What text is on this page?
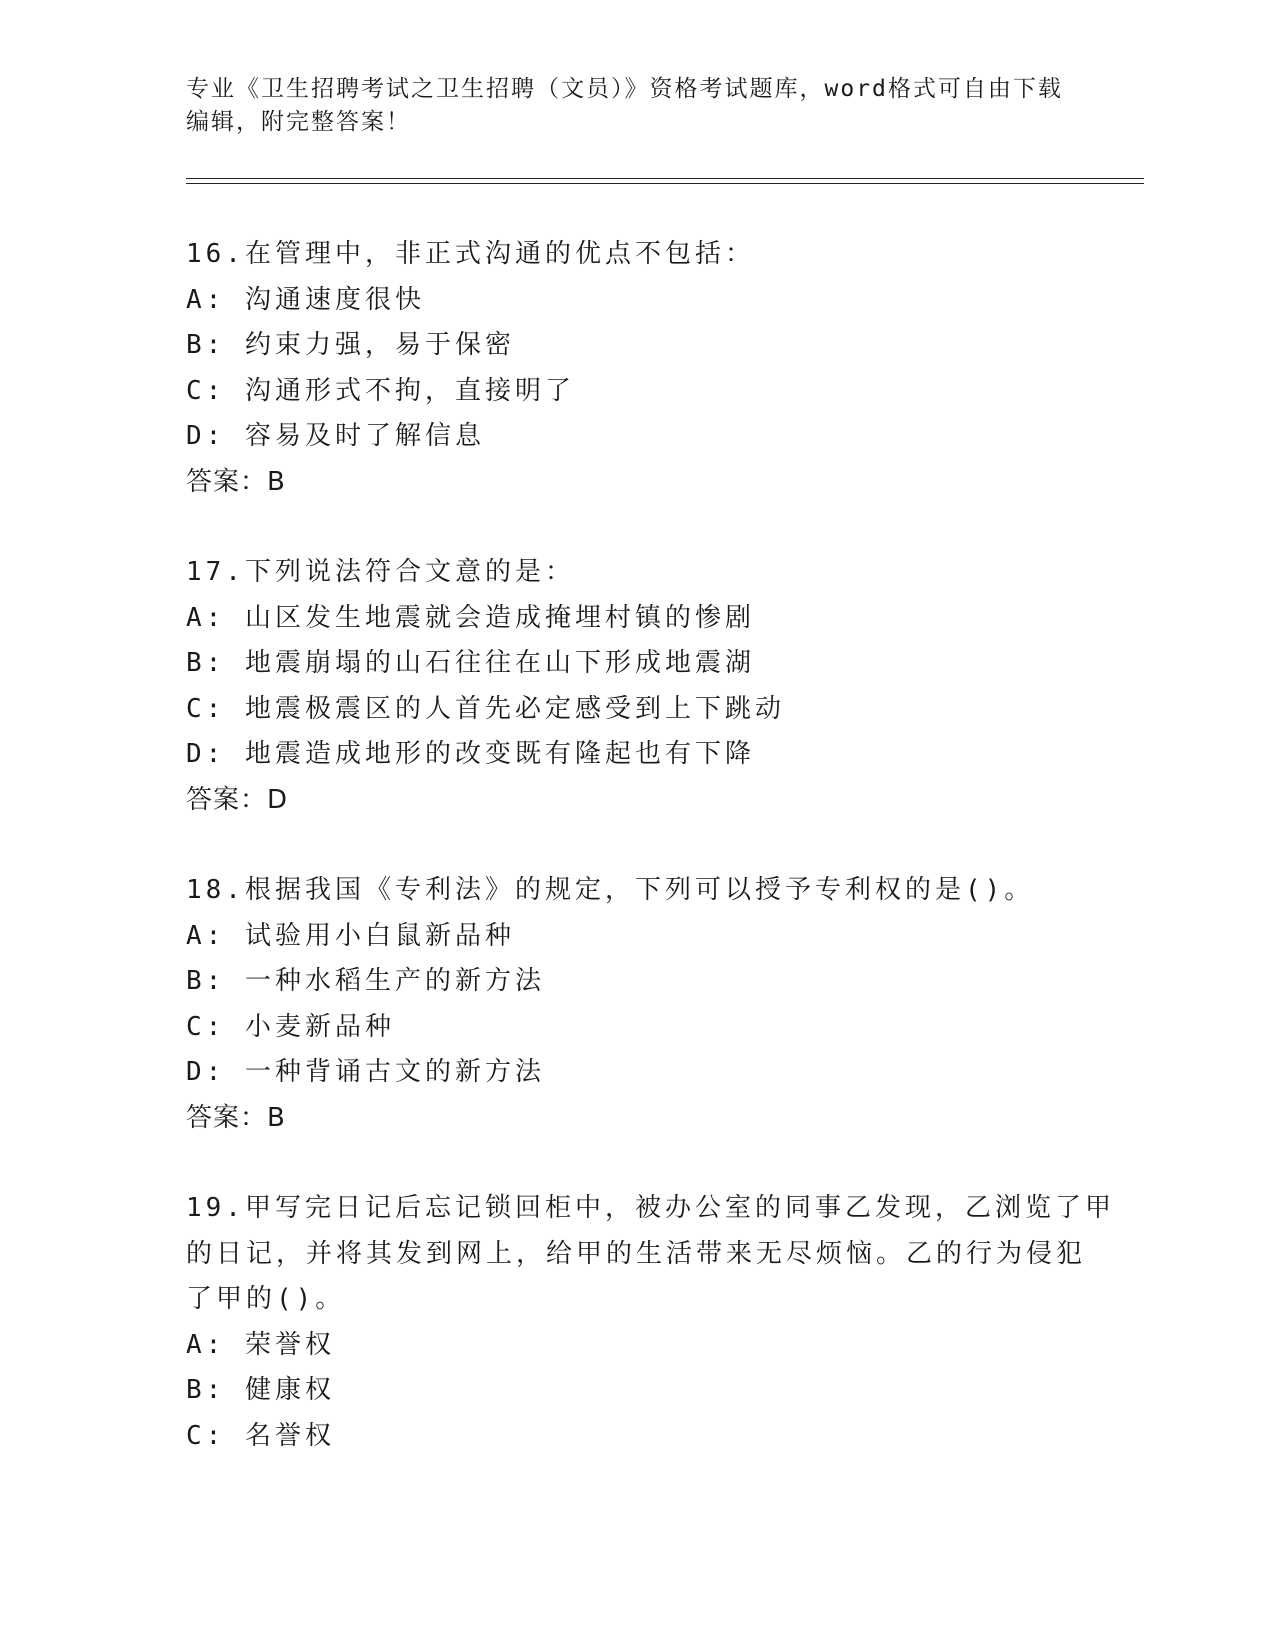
专业《卫生招聘考试之卫生招聘（文员）》资格考试题库，word格式可自由下载
编辑，附完整答案！
16.在管理中，非正式沟通的优点不包括：
A: 沟通速度很快
B: 约束力强，易于保密
C: 沟通形式不拘，直接明了
D: 容易及时了解信息
答案：B
17.下列说法符合文意的是：
A: 山区发生地震就会造成掩埋村镇的惨剧
B: 地震崩塌的山石往往在山下形成地震湖
C: 地震极震区的人首先必定感受到上下跳动
D: 地震造成地形的改变既有隆起也有下降
答案：D
18.根据我国《专利法》的规定，下列可以授予专利权的是()。
A: 试验用小白鼠新品种
B: 一种水稻生产的新方法
C: 小麦新品种
D: 一种背诵古文的新方法
答案：B
19.甲写完日记后忘记锁回柜中，被办公室的同事乙发现，乙浏览了甲
的日记，并将其发到网上，给甲的生活带来无尽烦恼。乙的行为侵犯
了甲的()。
A: 荣誉权
B: 健康权
C: 名誉权
